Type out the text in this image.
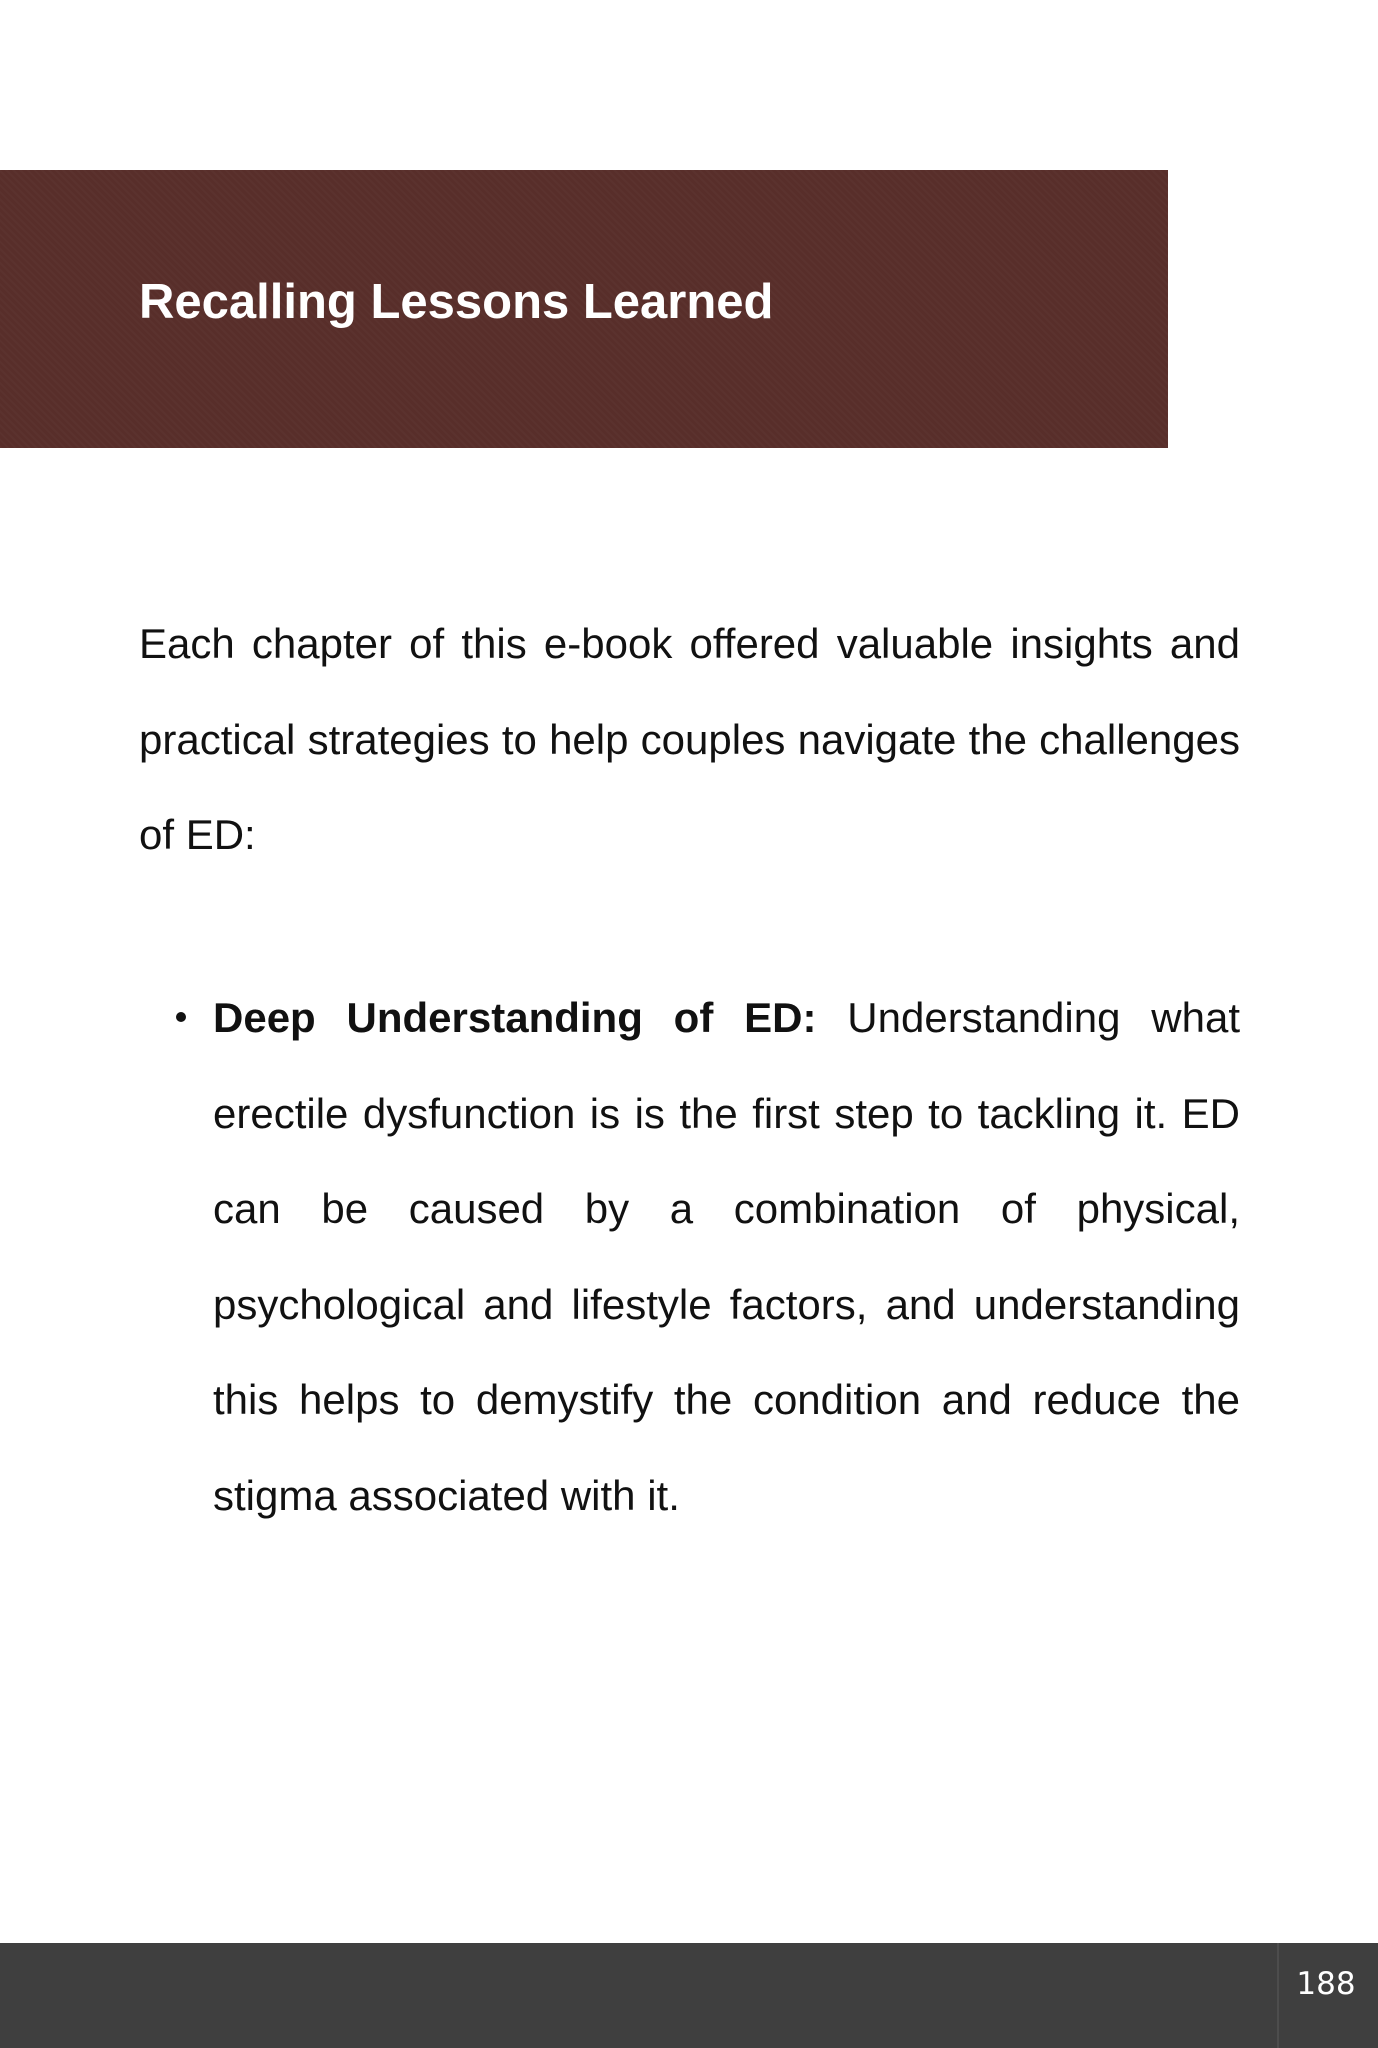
Recalling Lessons Learned

Each chapter of this e-book offered valuable insights and practical strategies to help couples navigate the challenges of ED:

Deep Understanding of ED: Understanding what erectile dysfunction is is the first step to tackling it. ED can be caused by a combination of physical, psychological and lifestyle factors, and understanding this helps to demystify the condition and reduce the stigma associated with it.
188
